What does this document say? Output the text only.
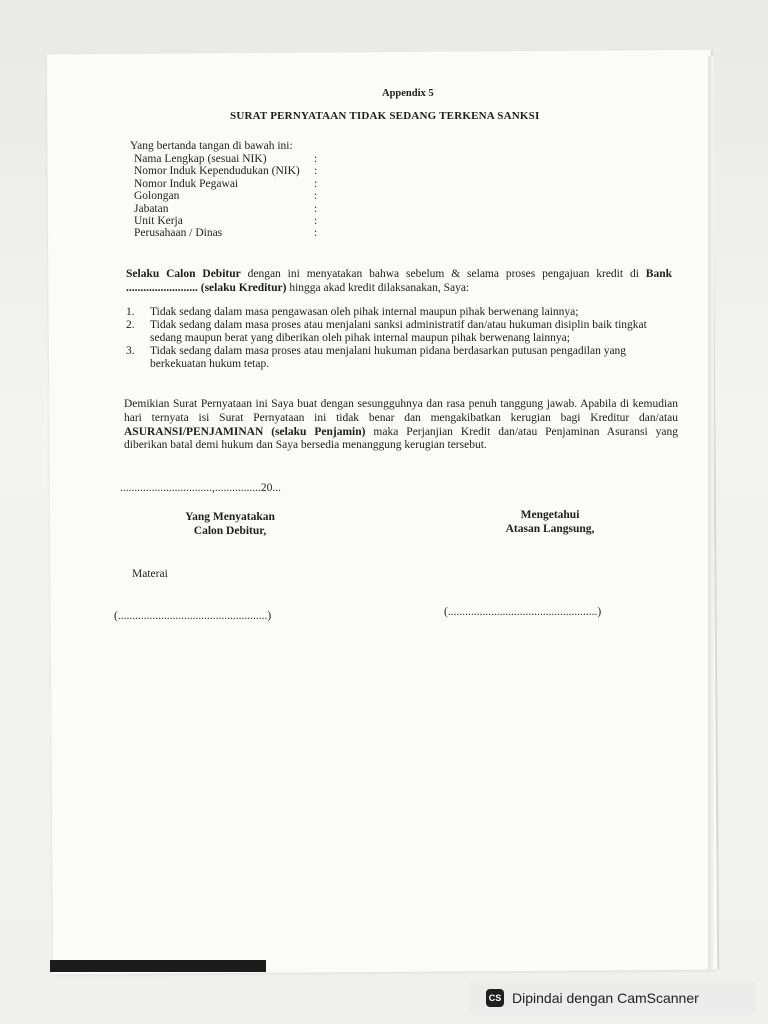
Appendix 5
SURAT PERNYATAAN TIDAK SEDANG TERKENA SANKSI
Yang bertanda tangan di bawah ini:
Nama Lengkap (sesuai NIK)	:
Nomor Induk Kependudukan (NIK)	:
Nomor Induk Pegawai	:
Golongan	:
Jabatan	:
Unit Kerja	:
Perusahaan / Dinas	:
Selaku Calon Debitur dengan ini menyatakan bahwa sebelum & selama proses pengajuan kredit di Bank ......................... (selaku Kreditur) hingga akad kredit dilaksanakan, Saya:
1.	Tidak sedang dalam masa pengawasan oleh pihak internal maupun pihak berwenang lainnya;
2.	Tidak sedang dalam masa proses atau menjalani sanksi administratif dan/atau hukuman disiplin baik tingkat sedang maupun berat yang diberikan oleh pihak internal maupun pihak berwenang lainnya;
3.	Tidak sedang dalam masa proses atau menjalani hukuman pidana berdasarkan putusan pengadilan yang berkekuatan hukum tetap.
Demikian Surat Pernyataan ini Saya buat dengan sesungguhnya dan rasa penuh tanggung jawab. Apabila di kemudian hari ternyata isi Surat Pernyataan ini tidak benar dan mengakibatkan kerugian bagi Kreditur dan/atau ASURANSI/PENJAMINAN (selaku Penjamin) maka Perjanjian Kredit dan/atau Penjaminan Asuransi yang diberikan batal demi hukum dan Saya bersedia menanggung kerugian tersebut.
................................,................20...
Yang Menyatakan
Calon Debitur,
Mengetahui
Atasan Langsung,
Materai
(....................................................)	(....................................................)
CS Dipindai dengan CamScanner
